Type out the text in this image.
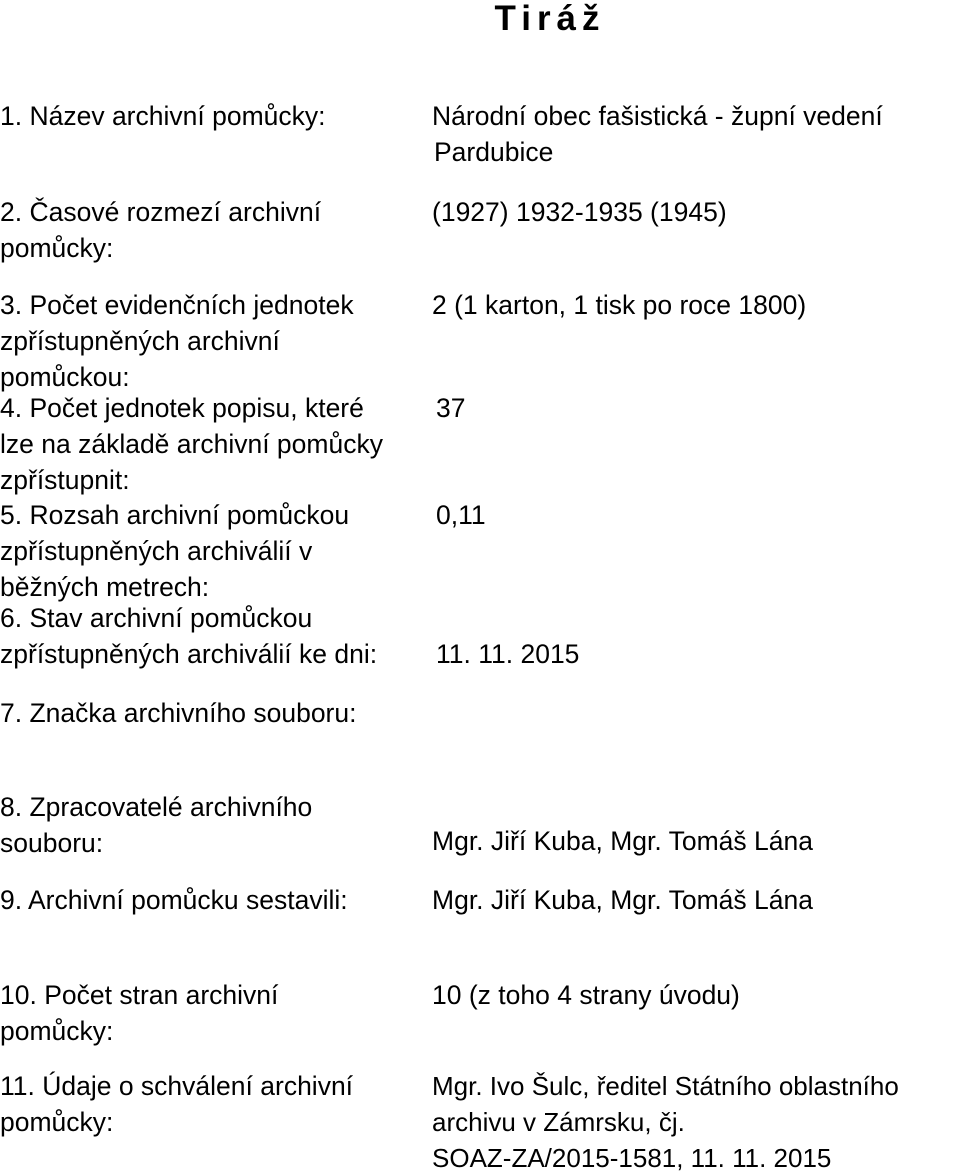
Tiráž
1. Název archivní pomůcky:	Národní obec fašistická - župní vedení
Pardubice
2. Časové rozmezí archivní
pomůcky:
(1927) 1932-1935 (1945)
3. Počet evidenčních jednotek
zpřístupněných archivní
pomůckou:
2 (1 karton, 1 tisk po roce 1800)
4. Počet jednotek popisu, které
lze na základě archivní pomůcky
zpřístupnit:
37
5. Rozsah archivní pomůckou
zpřístupněných archiválií v
běžných metrech:
0,11
6. Stav archivní pomůckou
zpřístupněných archiválií ke dni: 11. 11. 2015
7. Značka archivního souboru:
8. Zpracovatelé archivního
souboru:	Mgr. Jiří Kuba, Mgr. Tomáš Lána
9. Archivní pomůcku sestavili:	Mgr. Jiří Kuba, Mgr. Tomáš Lána
10. Počet stran archivní
pomůcky:
10 (z toho 4 strany úvodu)
11. Údaje o schválení archivní
pomůcky:
Mgr. Ivo Šulc, ředitel Státního oblastního
archivu v Zámrsku, čj.
SOAZ-ZA/2015-1581, 11. 11. 2015
